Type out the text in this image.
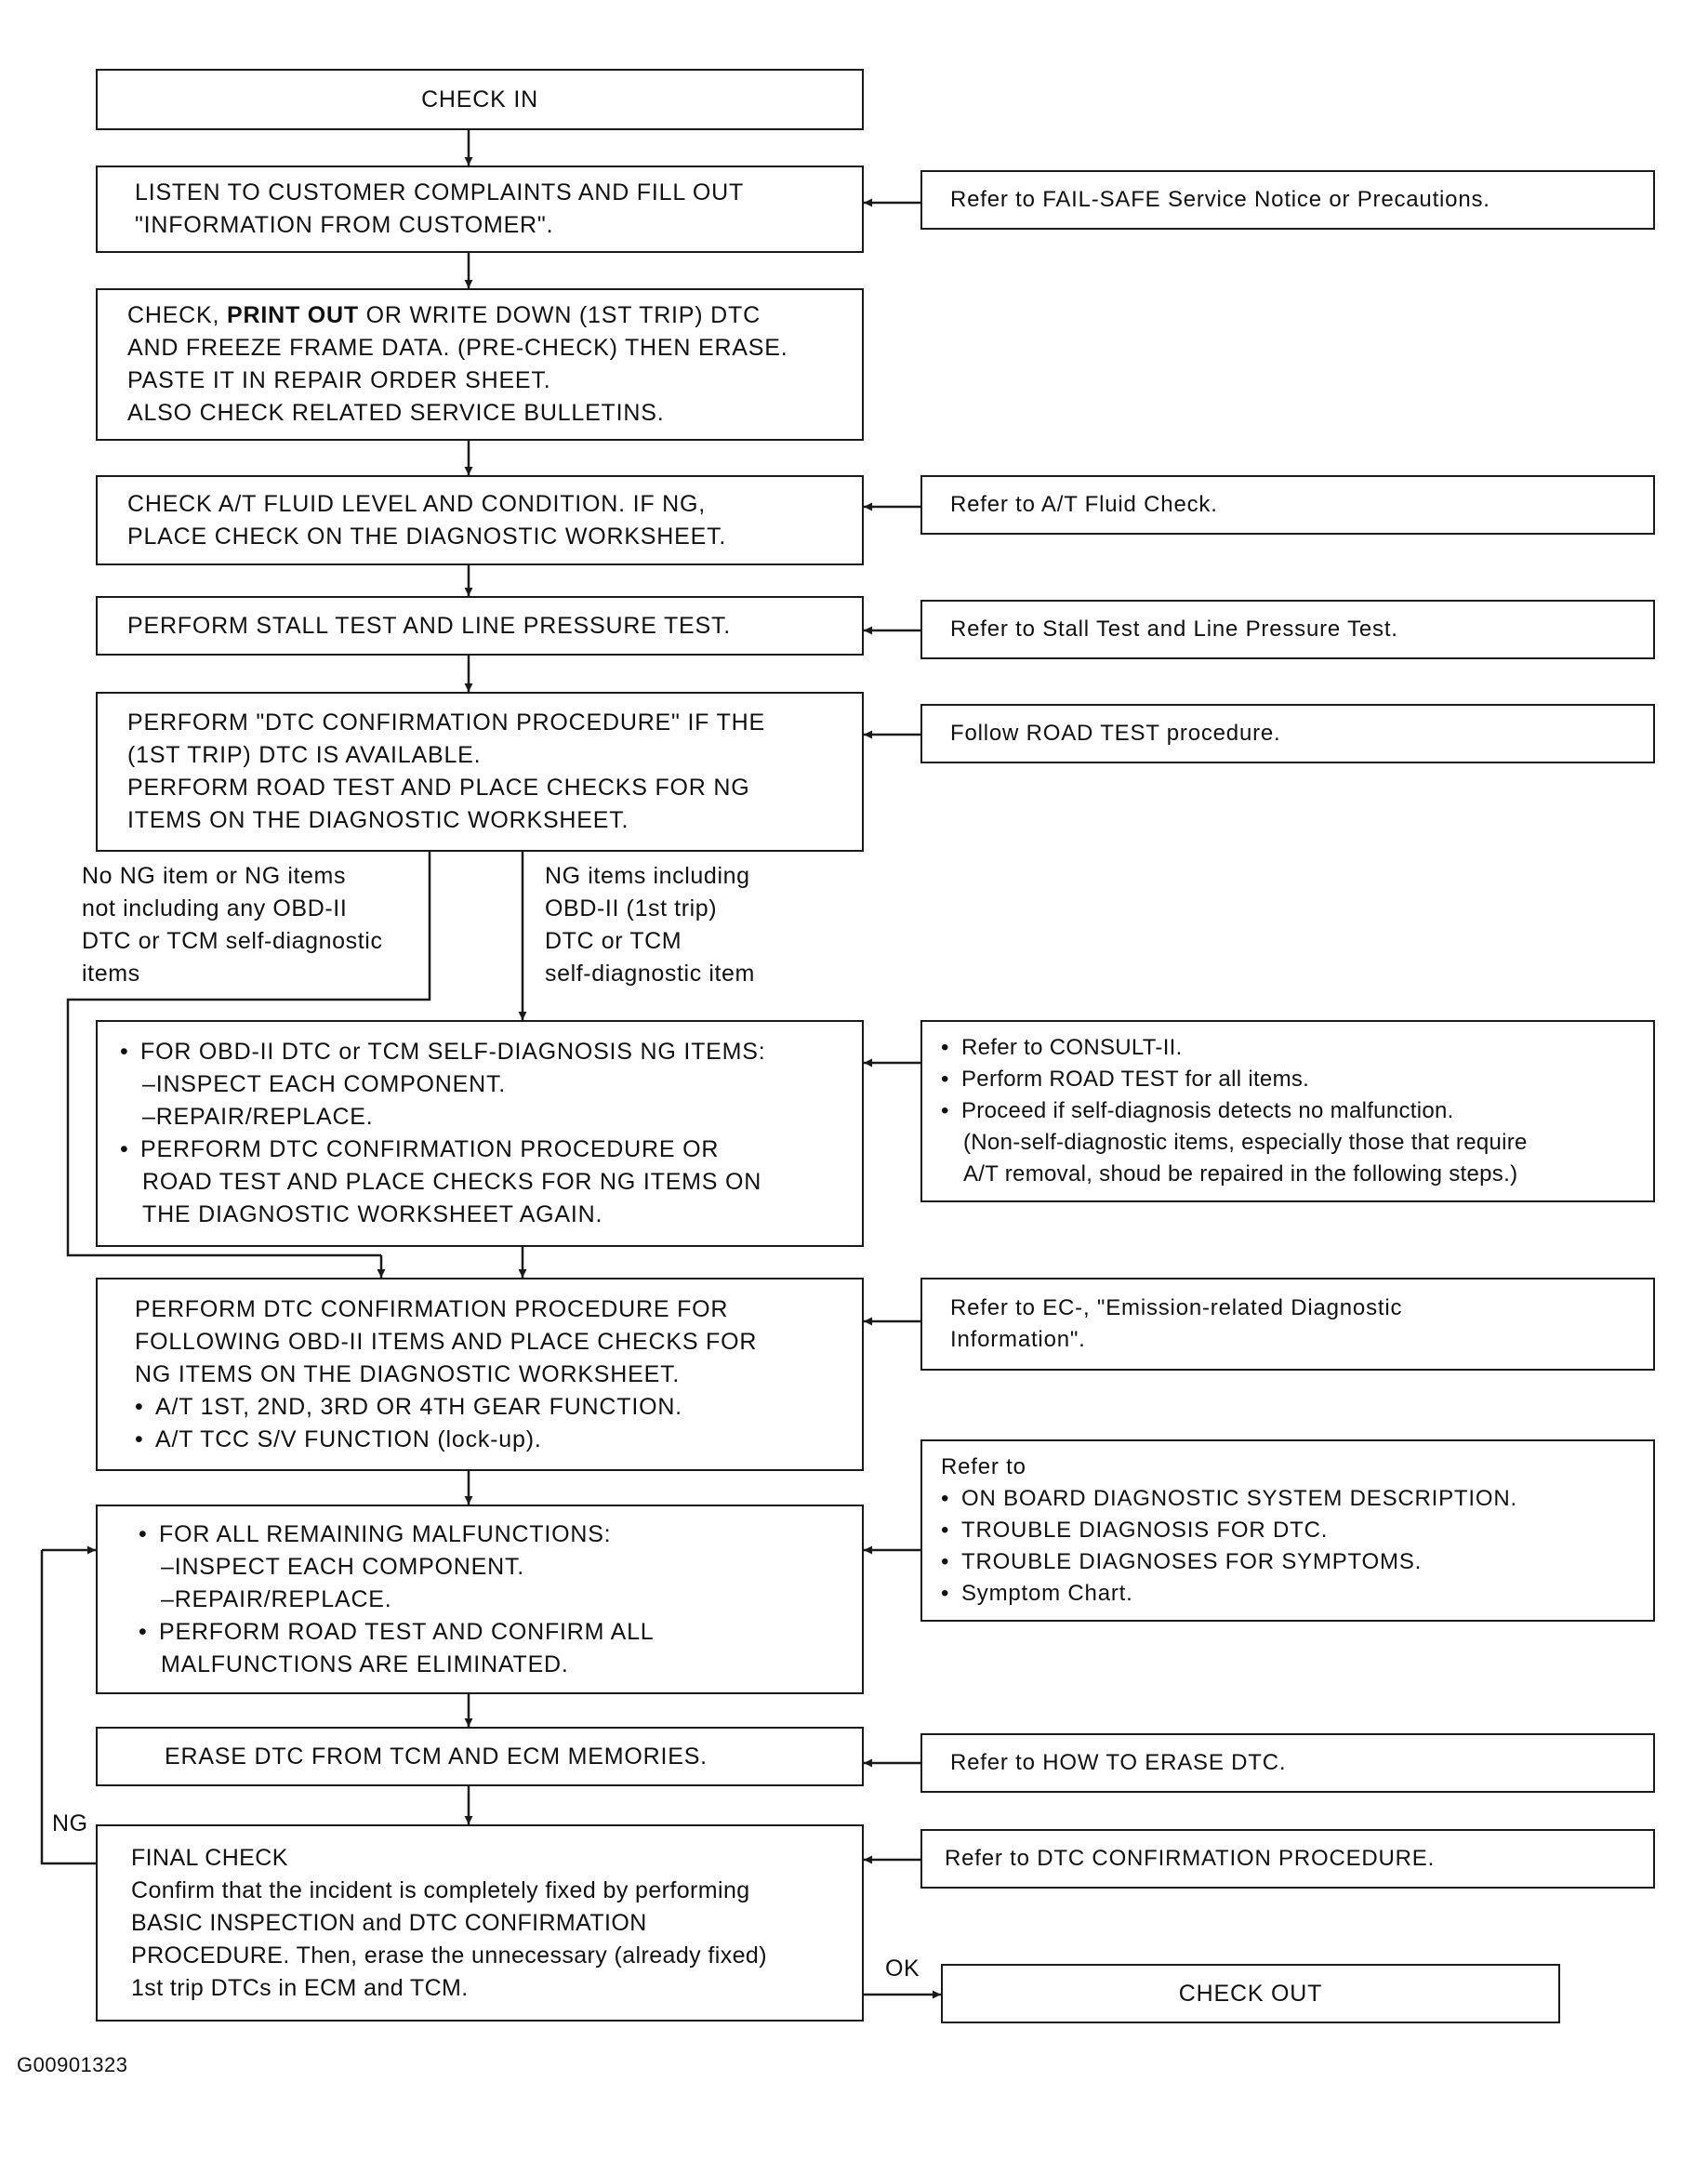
CHECK IN
LISTEN TO CUSTOMER COMPLAINTS AND FILL OUT
"INFORMATION FROM CUSTOMER".
CHECK, PRINT OUT OR WRITE DOWN (1ST TRIP) DTC
AND FREEZE FRAME DATA. (PRE-CHECK) THEN ERASE.
PASTE IT IN REPAIR ORDER SHEET.
ALSO CHECK RELATED SERVICE BULLETINS.
CHECK A/T FLUID LEVEL AND CONDITION. IF NG,
PLACE CHECK ON THE DIAGNOSTIC WORKSHEET.
PERFORM STALL TEST AND LINE PRESSURE TEST.
PERFORM "DTC CONFIRMATION PROCEDURE" IF THE
(1ST TRIP) DTC IS AVAILABLE.
PERFORM ROAD TEST AND PLACE CHECKS FOR NG
ITEMS ON THE DIAGNOSTIC WORKSHEET.
No NG item or NG items
not including any OBD-II
DTC or TCM self-diagnostic
items
NG items including
OBD-II (1st trip)
DTC or TCM
self-diagnostic item
• FOR OBD-II DTC or TCM SELF-DIAGNOSIS NG ITEMS:
–INSPECT EACH COMPONENT.
–REPAIR/REPLACE.
• PERFORM DTC CONFIRMATION PROCEDURE OR
ROAD TEST AND PLACE CHECKS FOR NG ITEMS ON
THE DIAGNOSTIC WORKSHEET AGAIN.
PERFORM DTC CONFIRMATION PROCEDURE FOR
FOLLOWING OBD-II ITEMS AND PLACE CHECKS FOR
NG ITEMS ON THE DIAGNOSTIC WORKSHEET.
• A/T 1ST, 2ND, 3RD OR 4TH GEAR FUNCTION.
• A/T TCC S/V FUNCTION (lock-up).
• FOR ALL REMAINING MALFUNCTIONS:
–INSPECT EACH COMPONENT.
–REPAIR/REPLACE.
• PERFORM ROAD TEST AND CONFIRM ALL
MALFUNCTIONS ARE ELIMINATED.
ERASE DTC FROM TCM AND ECM MEMORIES.
NG
FINAL CHECK
Confirm that the incident is completely fixed by performing
BASIC INSPECTION and DTC CONFIRMATION
PROCEDURE. Then, erase the unnecessary (already fixed)
1st trip DTCs in ECM and TCM.
OK
CHECK OUT
Refer to FAIL-SAFE Service Notice or Precautions.
Refer to A/T Fluid Check.
Refer to Stall Test and Line Pressure Test.
Follow ROAD TEST procedure.
• Refer to CONSULT-II.
• Perform ROAD TEST for all items.
• Proceed if self-diagnosis detects no malfunction.
(Non-self-diagnostic items, especially those that require
A/T removal, shoud be repaired in the following steps.)
Refer to EC-, "Emission-related Diagnostic
Information".
Refer to
• ON BOARD DIAGNOSTIC SYSTEM DESCRIPTION.
• TROUBLE DIAGNOSIS FOR DTC.
• TROUBLE DIAGNOSES FOR SYMPTOMS.
• Symptom Chart.
Refer to HOW TO ERASE DTC.
Refer to DTC CONFIRMATION PROCEDURE.
G00901323
